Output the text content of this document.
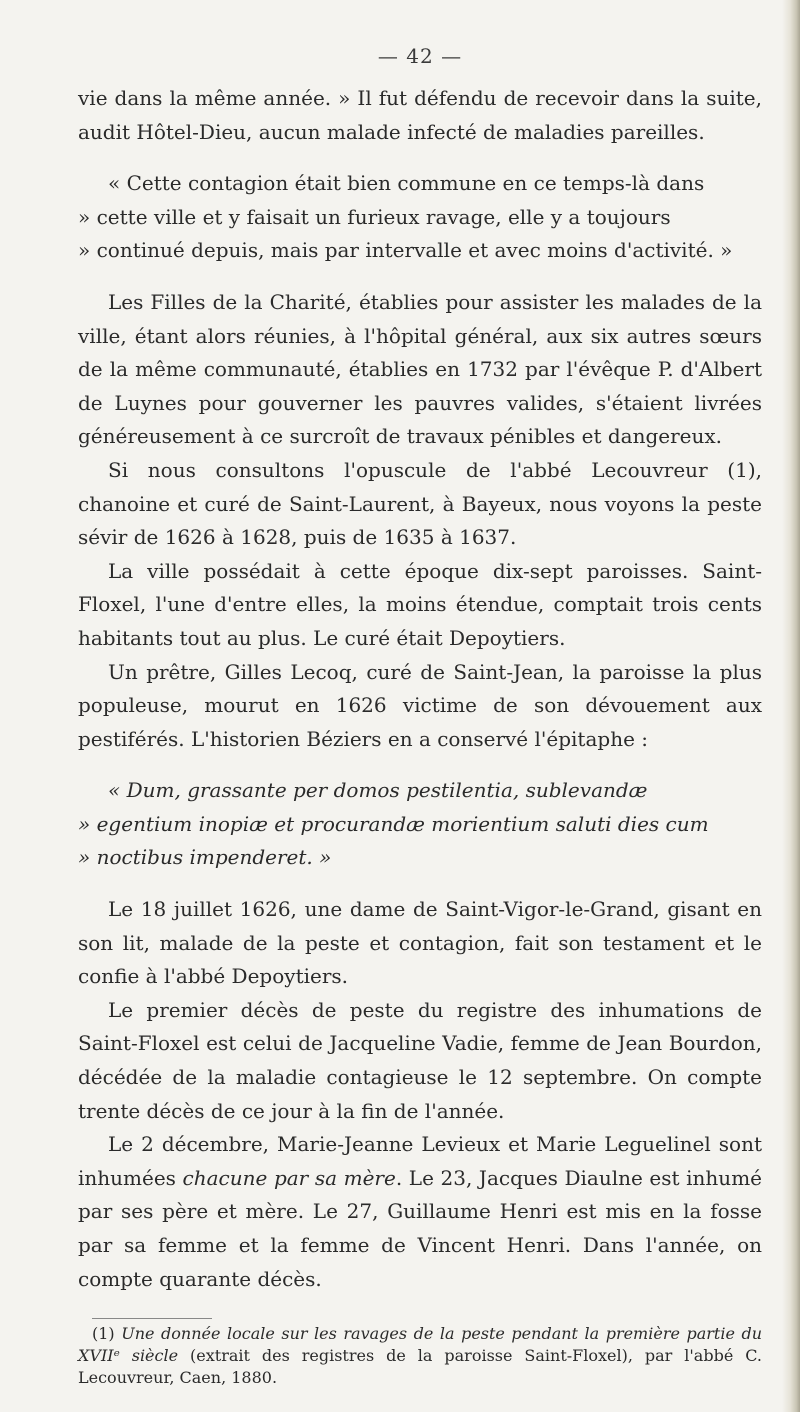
— 42 —

vie dans la même année. » Il fut défendu de recevoir dans la suite, audit Hôtel-Dieu, aucun malade infecté de maladies pareilles.

« Cette contagion était bien commune en ce temps-là dans
» cette ville et y faisait un furieux ravage, elle y a toujours
» continué depuis, mais par intervalle et avec moins d'activité. »

Les Filles de la Charité, établies pour assister les malades de la ville, étant alors réunies, à l'hôpital général, aux six autres sœurs de la même communauté, établies en 1732 par l'évêque P. d'Albert de Luynes pour gouverner les pauvres valides, s'étaient livrées généreusement à ce surcroît de travaux pénibles et dangereux.

Si nous consultons l'opuscule de l'abbé Lecouvreur (1), chanoine et curé de Saint-Laurent, à Bayeux, nous voyons la peste sévir de 1626 à 1628, puis de 1635 à 1637.

La ville possédait à cette époque dix-sept paroisses. Saint-Floxel, l'une d'entre elles, la moins étendue, comptait trois cents habitants tout au plus. Le curé était Depoytiers.

Un prêtre, Gilles Lecoq, curé de Saint-Jean, la paroisse la plus populeuse, mourut en 1626 victime de son dévouement aux pestiférés. L'historien Béziers en a conservé l'épitaphe :

« Dum, grassante per domos pestilentia, sublevandæ
» egentium inopiæ et procurandæ morientium saluti dies cum
» noctibus impenderet. »

Le 18 juillet 1626, une dame de Saint-Vigor-le-Grand, gisant en son lit, malade de la peste et contagion, fait son testament et le confie à l'abbé Depoytiers.

Le premier décès de peste du registre des inhumations de Saint-Floxel est celui de Jacqueline Vadie, femme de Jean Bourdon, décédée de la maladie contagieuse le 12 septembre. On compte trente décès de ce jour à la fin de l'année.

Le 2 décembre, Marie-Jeanne Levieux et Marie Leguelinel sont inhumées chacune par sa mère. Le 23, Jacques Diaulne est inhumé par ses père et mère. Le 27, Guillaume Henri est mis en la fosse par sa femme et la femme de Vincent Henri. Dans l'année, on compte quarante décès.

(1) Une donnée locale sur les ravages de la peste pendant la première partie du XVIIᵉ siècle (extrait des registres de la paroisse Saint-Floxel), par l'abbé C. Lecouvreur, Caen, 1880.
